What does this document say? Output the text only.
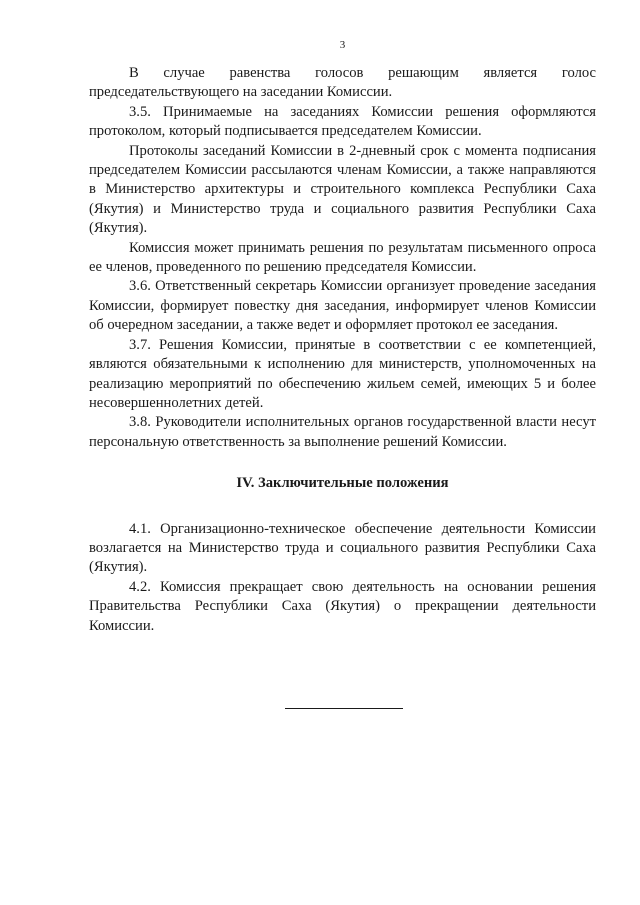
3

В случае равенства голосов решающим является голос председательствующего на заседании Комиссии.

3.5. Принимаемые на заседаниях Комиссии решения оформляются протоколом, который подписывается председателем Комиссии.

Протоколы заседаний Комиссии в 2-дневный срок с момента подписания председателем Комиссии рассылаются членам Комиссии, а также направляются в Министерство архитектуры и строительного комплекса Республики Саха (Якутия) и Министерство труда и социального развития Республики Саха (Якутия).

Комиссия может принимать решения по результатам письменного опроса ее членов, проведенного по решению председателя Комиссии.

3.6. Ответственный секретарь Комиссии организует проведение заседания Комиссии, формирует повестку дня заседания, информирует членов Комиссии об очередном заседании, а также ведет и оформляет протокол ее заседания.

3.7. Решения Комиссии, принятые в соответствии с ее компетенцией, являются обязательными к исполнению для министерств, уполномоченных на реализацию мероприятий по обеспечению жильем семей, имеющих 5 и более несовершеннолетних детей.

3.8. Руководители исполнительных органов государственной власти несут персональную ответственность за выполнение решений Комиссии.

IV. Заключительные положения

4.1. Организационно-техническое обеспечение деятельности Комиссии возлагается на Министерство труда и социального развития Республики Саха (Якутия).

4.2. Комиссия прекращает свою деятельность на основании решения Правительства Республики Саха (Якутия) о прекращении деятельности Комиссии.
